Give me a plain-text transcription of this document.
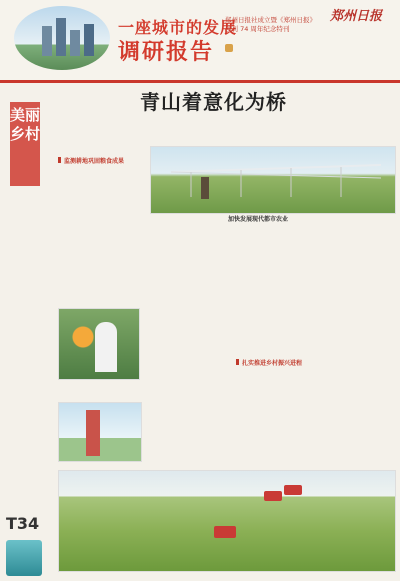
一座城市的发展
调研报告
郑州日报社成立暨《郑州日报》
创刊 74 周年纪念特刊

郑州日报

美丽乡村

T34
青山着意化为桥
监测耕地巩固粮食成果
加快发展现代都市农业
扎实推进乡村振兴进程
